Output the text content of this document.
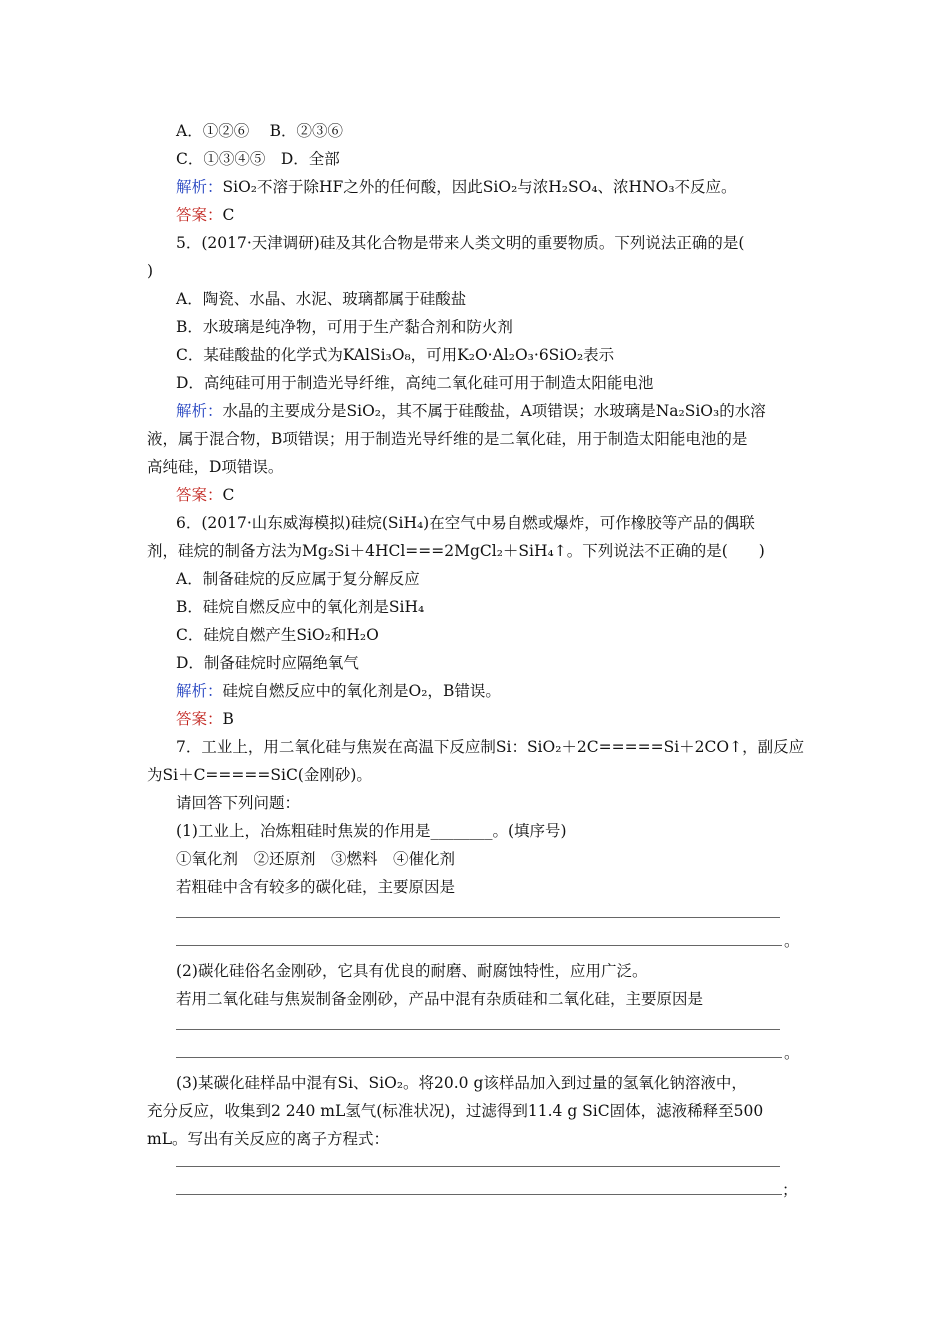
A．①②⑥　 B．②③⑥
C．①③④⑤　D．全部
解析：SiO₂不溶于除HF之外的任何酸，因此SiO₂与浓H₂SO₄、浓HNO₃不反应。
答案：C
5．(2017·天津调研)硅及其化合物是带来人类文明的重要物质。下列说法正确的是(
)
A．陶瓷、水晶、水泥、玻璃都属于硅酸盐
B．水玻璃是纯净物，可用于生产黏合剂和防火剂
C．某硅酸盐的化学式为KAlSi₃O₈，可用K₂O·Al₂O₃·6SiO₂表示
D．高纯硅可用于制造光导纤维，高纯二氧化硅可用于制造太阳能电池
解析：水晶的主要成分是SiO₂，其不属于硅酸盐，A项错误；水玻璃是Na₂SiO₃的水溶
液，属于混合物，B项错误；用于制造光导纤维的是二氧化硅，用于制造太阳能电池的是
高纯硅，D项错误。
答案：C
6．(2017·山东威海模拟)硅烷(SiH₄)在空气中易自燃或爆炸，可作橡胶等产品的偶联
剂，硅烷的制备方法为Mg₂Si＋4HCl===2MgCl₂＋SiH₄↑。下列说法不正确的是(　　)
A．制备硅烷的反应属于复分解反应
B．硅烷自燃反应中的氧化剂是SiH₄
C．硅烷自燃产生SiO₂和H₂O
D．制备硅烷时应隔绝氧气
解析：硅烷自燃反应中的氧化剂是O₂，B错误。
答案：B
7．工业上，用二氧化硅与焦炭在高温下反应制Si：SiO₂＋2C=====Si＋2CO↑，副反应
为Si＋C=====SiC(金刚砂)。
请回答下列问题：
(1)工业上，冶炼粗硅时焦炭的作用是________。(填序号)
①氧化剂　②还原剂　③燃料　④催化剂
若粗硅中含有较多的碳化硅，主要原因是
。
(2)碳化硅俗名金刚砂，它具有优良的耐磨、耐腐蚀特性，应用广泛。
若用二氧化硅与焦炭制备金刚砂，产品中混有杂质硅和二氧化硅，主要原因是
。
(3)某碳化硅样品中混有Si、SiO₂。将20.0 g该样品加入到过量的氢氧化钠溶液中，
充分反应，收集到2 240 mL氢气(标准状况)，过滤得到11.4 g SiC固体，滤液稀释至500
mL。写出有关反应的离子方程式：
；
